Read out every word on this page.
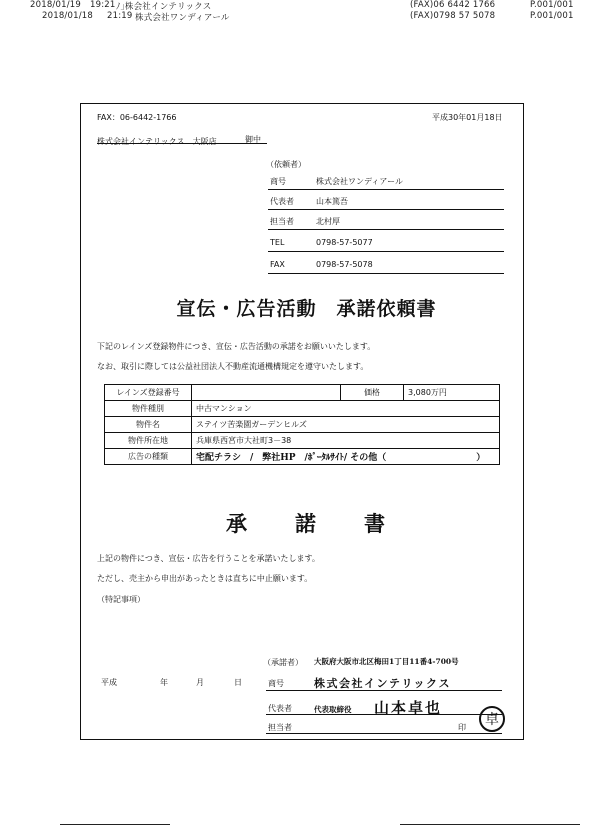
2018/01/19 19:21 ﾉ｣株会社インテリックス	(FAX)06 6442 1766	P.001/001
2018/01/18 21:19 株式会社ワンディアール	(FAX)0798 57 5078	P.001/001
FAX：06-6442-1766	平成30年01月18日
株式会社インテリックス　大阪店	御中
（依頼者）
商号	株式会社ワンディアール
代表者	山本篤吾
担当者	北村厚
TEL	0798-57-5077
FAX	0798-57-5078
宣伝・広告活動　承諾依頼書
下記のレインズ登録物件につき、宣伝・広告活動の承諾をお願いいたします。
なお、取引に際しては公益社団法人不動産流通機構規定を遵守いたします。
レインズ登録番号		価格	3,080万円
物件種別	中古マンション		
物件名	ステイツ苦楽園ガーデンヒルズ		
物件所在地	兵庫県西宮市大社町3－38		
広告の種類	宅配チラシ　/　弊社HP　/ﾎﾟｰﾀﾙｻｲﾄ/ その他（　　　　　　　　　　）		
承　　諾　　書
上記の物件につき、宣伝・広告を行うことを承諾いたします。
ただし、売主から申出があったときは直ちに中止願います。
（特記事項）
平成	年	月	日
（承諾者） 大阪府大阪市北区梅田1丁目11番4-700号
商号	株式会社インテリックス
代表者	代表取締役 山本卓也
担当者	印	卓
